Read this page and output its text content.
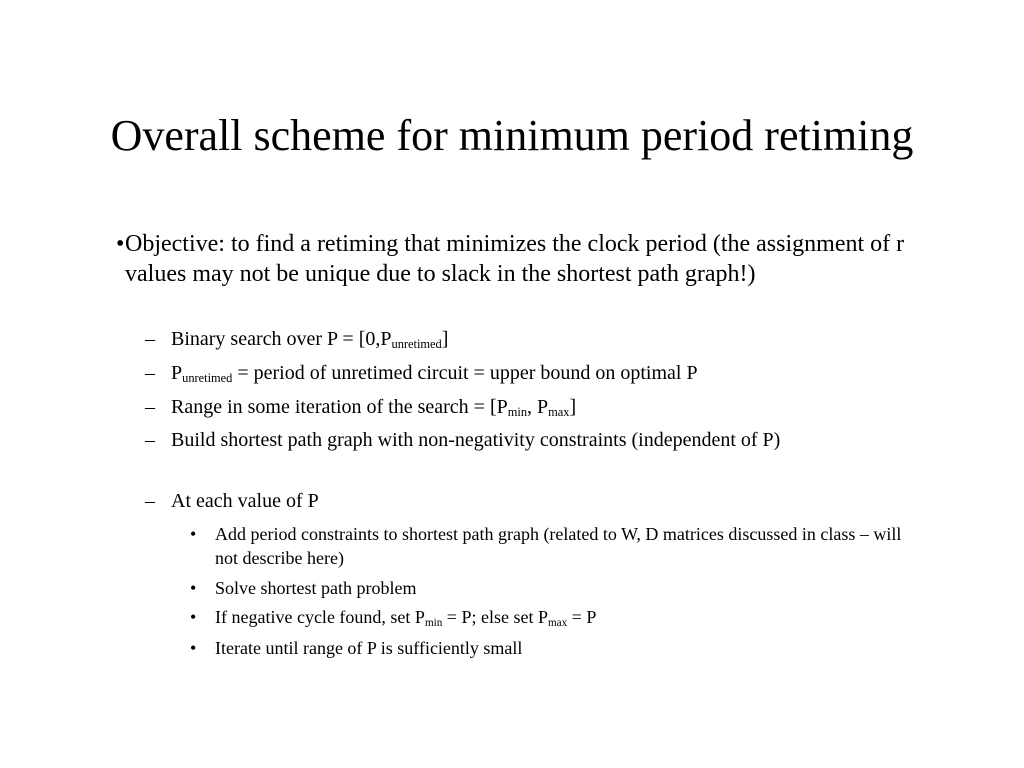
Overall scheme for minimum period retiming
• Objective: to find a retiming that minimizes the clock period (the assignment of r values may not be unique due to slack in the shortest path graph!)

– Binary search over $P = [0,P_{unretimed}]$

– $P_{unretimed}$ = period of unretimed circuit = upper bound on optimal P

– Range in some iteration of the search = [$P_{min}$, $P_{max}$]

– Build shortest path graph with non-negativity constraints (independent of P)

– At each value of P

• Add period constraints to shortest path graph (related to W, D matrices discussed in class – will not describe here)

• Solve shortest path problem

• If negative cycle found, set $P_{min} = P$; else set $P_{max} = P$

• Iterate until range of P is sufficiently small
